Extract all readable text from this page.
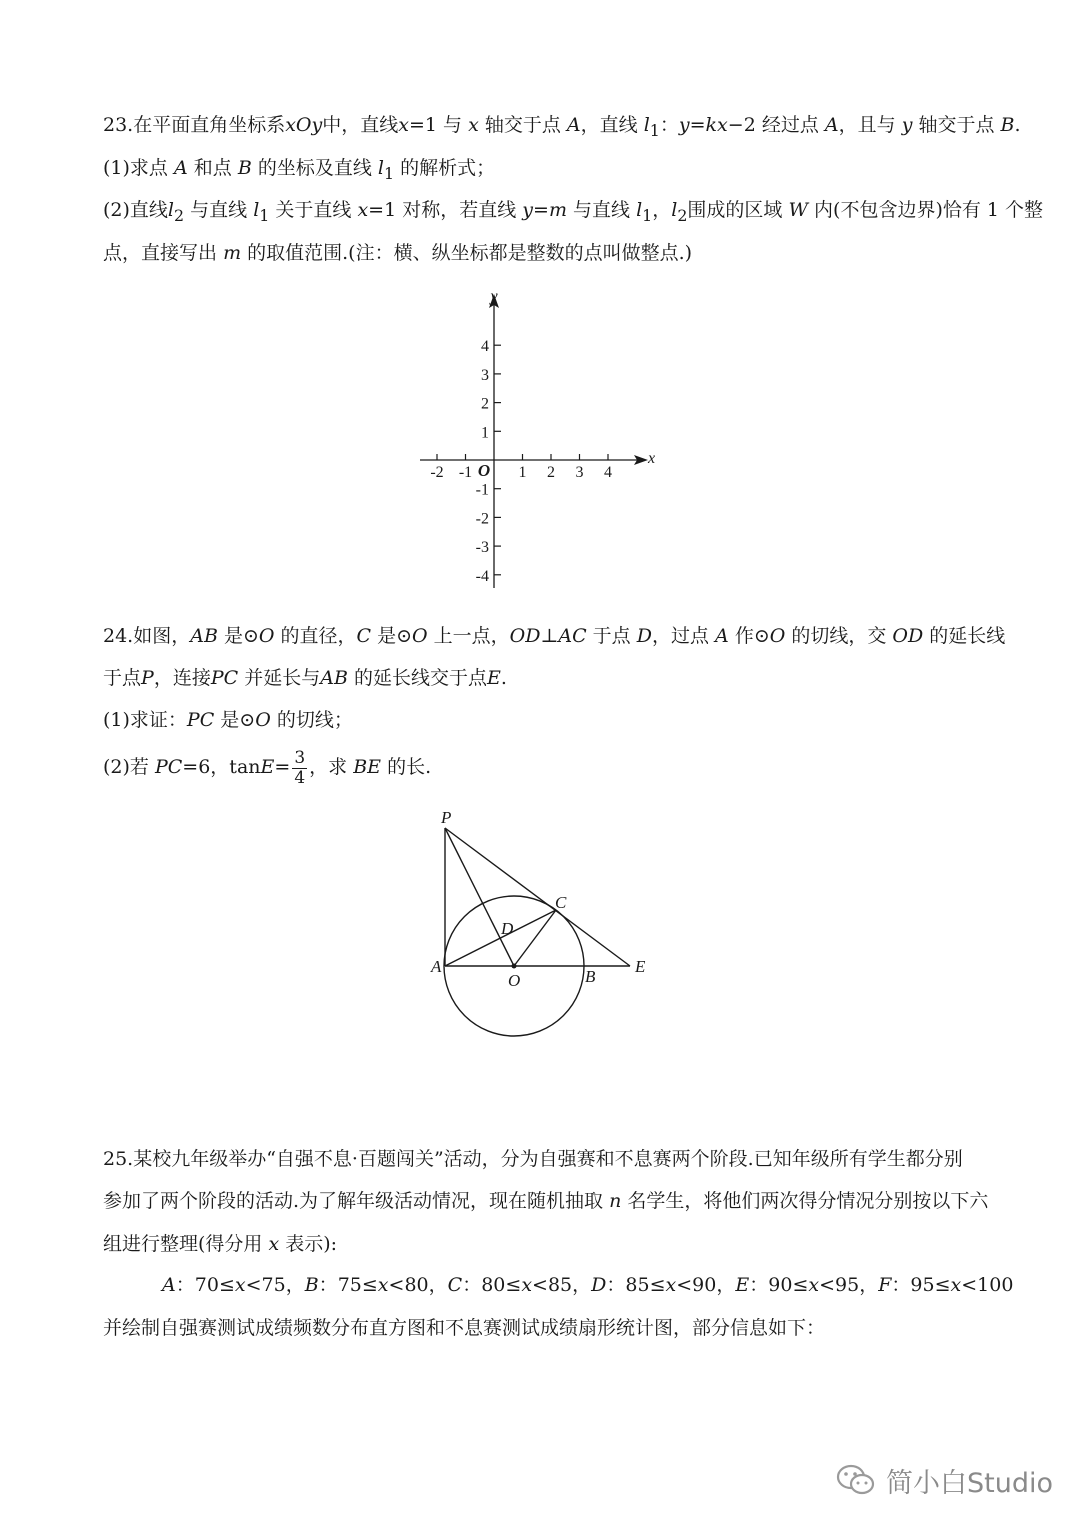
23.在平面直角坐标系xOy中，直线x=1 与 x 轴交于点 A，直线 $l_1$：y=kx−2 经过点 A，且与 y 轴交于点 B.
(1)求点 A 和点 B 的坐标及直线 $l_1$ 的解析式；
(2)直线$l_2$ 与直线 $l_1$ 关于直线 x=1 对称，若直线 y=m 与直线 $l_1$，$l_2$围成的区域 W 内(不包含边界)恰有 1 个整
点，直接写出 m 的取值范围.(注：横、纵坐标都是整数的点叫做整点.)
-2 -1	1 2 3 4
4
3
2
1
-1
-2
-3
-4
x
y
O
24.如图，AB 是⊙O 的直径，C 是⊙O 上一点，OD⊥AC 于点 D，过点 A 作⊙O 的切线，交 OD 的延长线
于点P，连接PC 并延长与AB 的延长线交于点E.
(1)求证：PC 是⊙O 的切线；
(2)若 PC=6，$\tan E= \frac{3}{4}$ ，求 BE 的长.
P
C
D
A
O	B
E
25.某校九年级举办“自强不息·百题闯关”活动，分为自强赛和不息赛两个阶段.已知年级所有学生都分别
参加了两个阶段的活动.为了解年级活动情况，现在随机抽取 n 名学生，将他们两次得分情况分别按以下六
组进行整理(得分用 x 表示):
A：70≤x<75，B：75≤x<80，C：80≤x<85，D：85≤x<90，E：90≤x<95，F：95≤x<100
并绘制自强赛测试成绩频数分布直方图和不息赛测试成绩扇形统计图，部分信息如下：
简小白Studio
